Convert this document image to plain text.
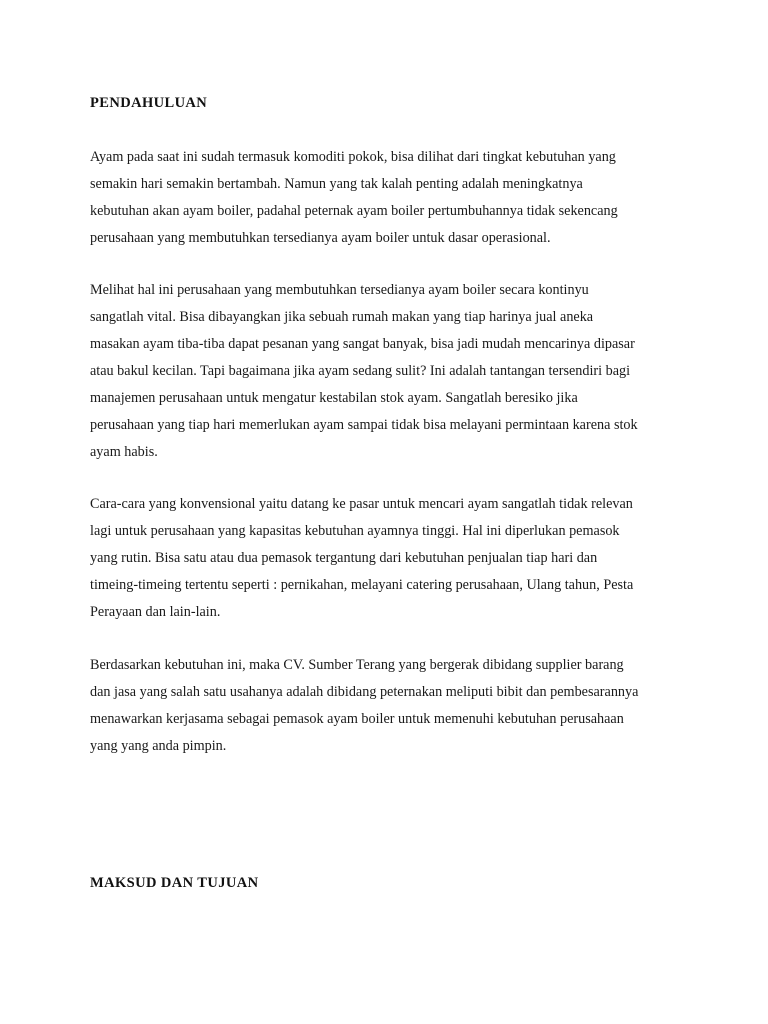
PENDAHULUAN

Ayam pada saat ini sudah termasuk komoditi pokok, bisa dilihat dari tingkat kebutuhan yang

semakin hari semakin bertambah. Namun yang tak kalah penting adalah meningkatnya

kebutuhan akan ayam boiler, padahal peternak ayam boiler pertumbuhannya tidak sekencang

perusahaan yang membutuhkan tersedianya ayam boiler untuk dasar operasional.

Melihat hal ini perusahaan yang membutuhkan tersedianya ayam boiler secara kontinyu

sangatlah vital. Bisa dibayangkan jika sebuah rumah makan yang tiap harinya jual aneka

masakan ayam tiba-tiba dapat pesanan yang sangat banyak, bisa jadi mudah mencarinya dipasar

atau bakul kecilan. Tapi bagaimana jika ayam sedang sulit? Ini adalah tantangan tersendiri bagi

manajemen perusahaan untuk mengatur kestabilan stok ayam. Sangatlah beresiko jika

perusahaan yang tiap hari memerlukan ayam sampai tidak bisa melayani permintaan karena stok

ayam habis.

Cara-cara yang konvensional yaitu datang ke pasar untuk mencari ayam sangatlah tidak relevan

lagi untuk perusahaan yang kapasitas kebutuhan ayamnya tinggi. Hal ini diperlukan pemasok

yang rutin. Bisa satu atau dua pemasok tergantung dari kebutuhan penjualan tiap hari dan

timeing-timeing tertentu seperti : pernikahan, melayani catering perusahaan, Ulang tahun, Pesta

Perayaan dan lain-lain.

Berdasarkan kebutuhan ini, maka CV. Sumber Terang yang bergerak dibidang supplier barang

dan jasa yang salah satu usahanya adalah dibidang peternakan meliputi bibit dan pembesarannya

menawarkan kerjasama sebagai pemasok ayam boiler untuk memenuhi kebutuhan perusahaan

yang yang anda pimpin.

MAKSUD DAN TUJUAN
